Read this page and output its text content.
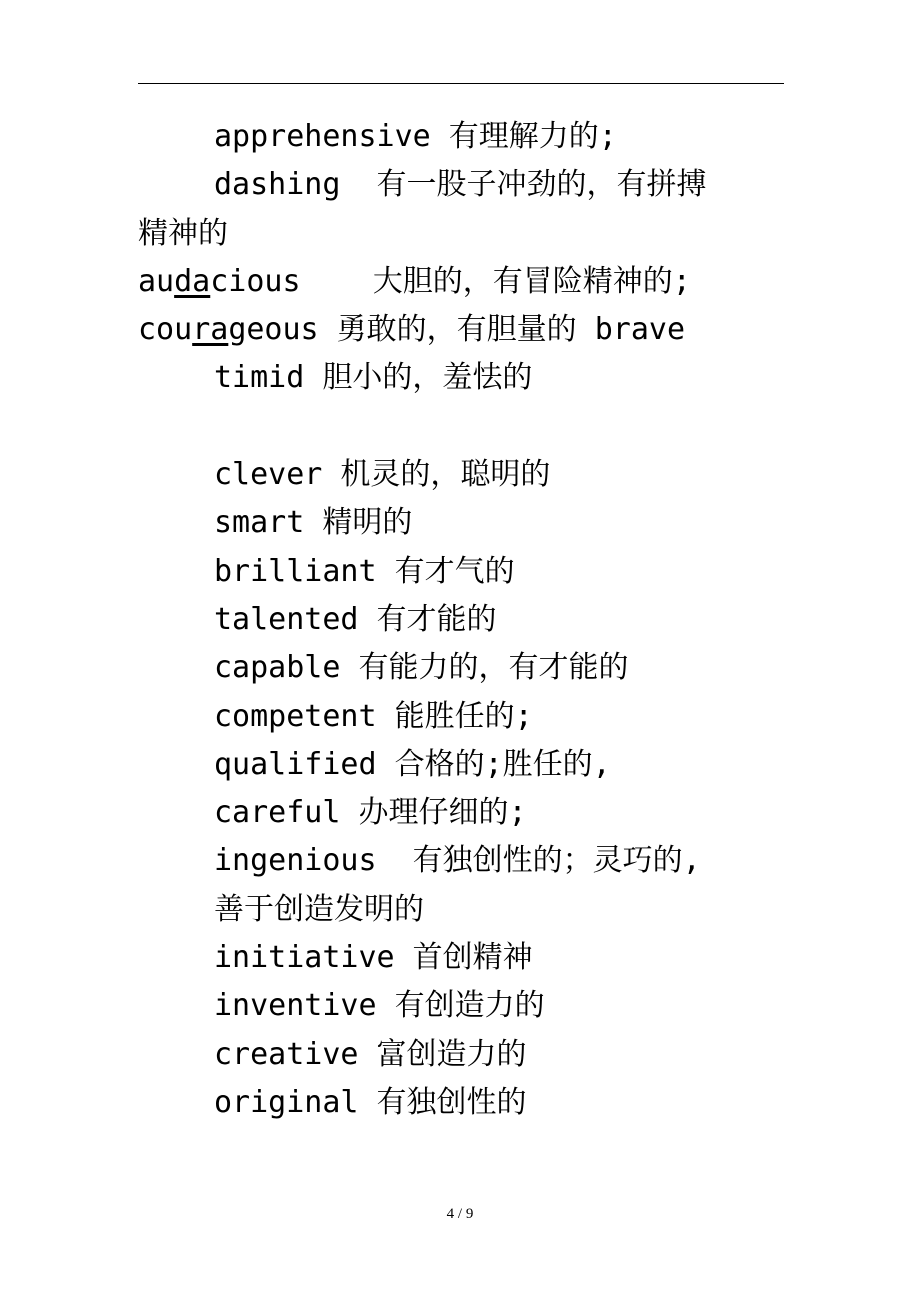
apprehensive 有理解力的;
dashing  有一股子冲劲的，有拼搏
精神的
audacious    大胆的，有冒险精神的;
courageous 勇敢的，有胆量的 brave
timid 胆小的，羞怯的
clever 机灵的，聪明的
smart 精明的
brilliant 有才气的
talented 有才能的
capable 有能力的，有才能的
competent 能胜任的;
qualified 合格的;胜任的,
careful 办理仔细的;
ingenious  有独创性的；灵巧的,
善于创造发明的
initiative 首创精神
inventive 有创造力的
creative 富创造力的
original 有独创性的
4 / 9
